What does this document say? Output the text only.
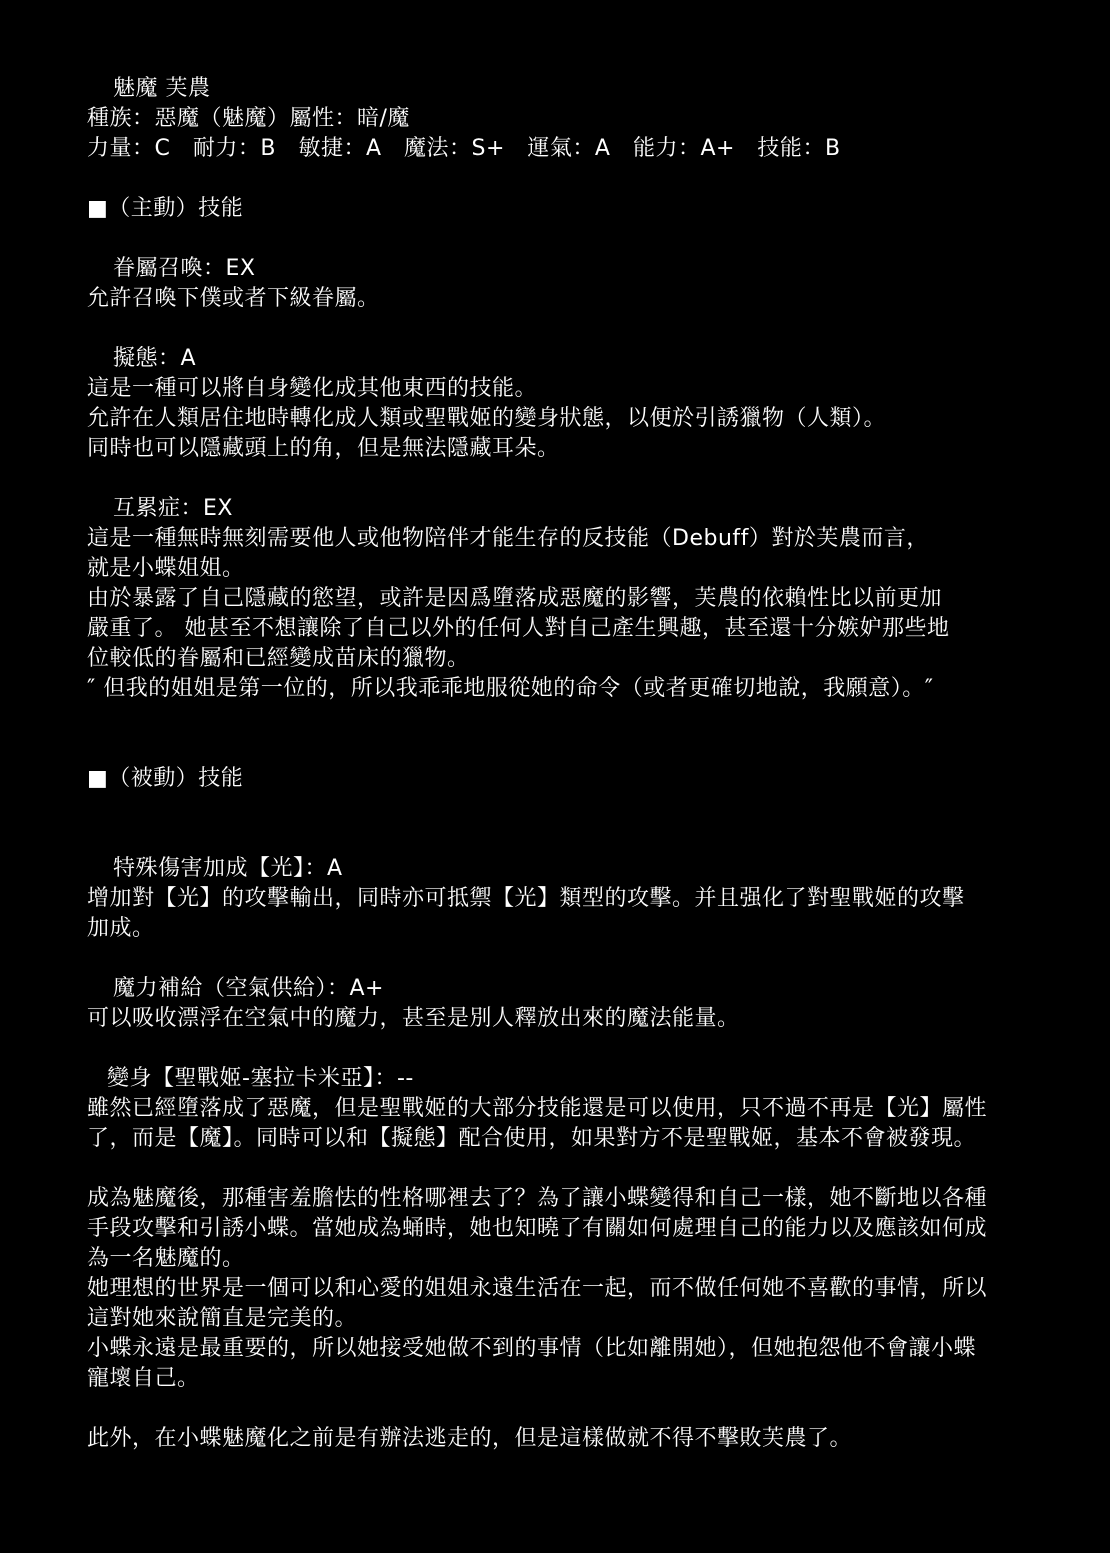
魅魔 芙農
種族：惡魔（魅魔）屬性：暗/魔
力量：C　耐力：B　敏捷：A　魔法：S+　運氣：A　能力：A+　技能：B
■（主動）技能
眷屬召喚：EX
允許召喚下僕或者下級眷屬。
擬態：A
這是一種可以將自身變化成其他東西的技能。
允許在人類居住地時轉化成人類或聖戰姬的變身狀態，以便於引誘獵物（人類）。
同時也可以隱藏頭上的角，但是無法隱藏耳朵。
互累症：EX
這是一種無時無刻需要他人或他物陪伴才能生存的反技能（Debuff）對於芙農而言，
就是小蝶姐姐。
由於暴露了自己隱藏的慾望，或許是因爲墮落成惡魔的影響，芙農的依賴性比以前更加
嚴重了。 她甚至不想讓除了自己以外的任何人對自己產生興趣，甚至還十分嫉妒那些地
位較低的眷屬和已經變成苗床的獵物。
″ 但我的姐姐是第一位的，所以我乖乖地服從她的命令（或者更確切地說，我願意）。″
■（被動）技能
特殊傷害加成【光】：A
增加對【光】的攻擊輸出，同時亦可抵禦【光】類型的攻擊。并且强化了對聖戰姬的攻擊
加成。
魔力補給（空氣供給）：A+
可以吸收漂浮在空氣中的魔力，甚至是別人釋放出來的魔法能量。
變身【聖戰姬-塞拉卡米亞】：--
雖然已經墮落成了惡魔，但是聖戰姬的大部分技能還是可以使用，只不過不再是【光】屬性
了，而是【魔】。同時可以和【擬態】配合使用，如果對方不是聖戰姬，基本不會被發現。
成為魅魔後，那種害羞膽怯的性格哪裡去了？為了讓小蝶變得和自己一樣，她不斷地以各種
手段攻擊和引誘小蝶。當她成為蛹時，她也知曉了有關如何處理自己的能力以及應該如何成
為一名魅魔的。
她理想的世界是一個可以和心愛的姐姐永遠生活在一起，而不做任何她不喜歡的事情，所以
這對她來說簡直是完美的。
小蝶永遠是最重要的，所以她接受她做不到的事情（比如離開她），但她抱怨他不會讓小蝶
寵壞自己。
此外，在小蝶魅魔化之前是有辦法逃走的，但是這樣做就不得不擊敗芙農了。
